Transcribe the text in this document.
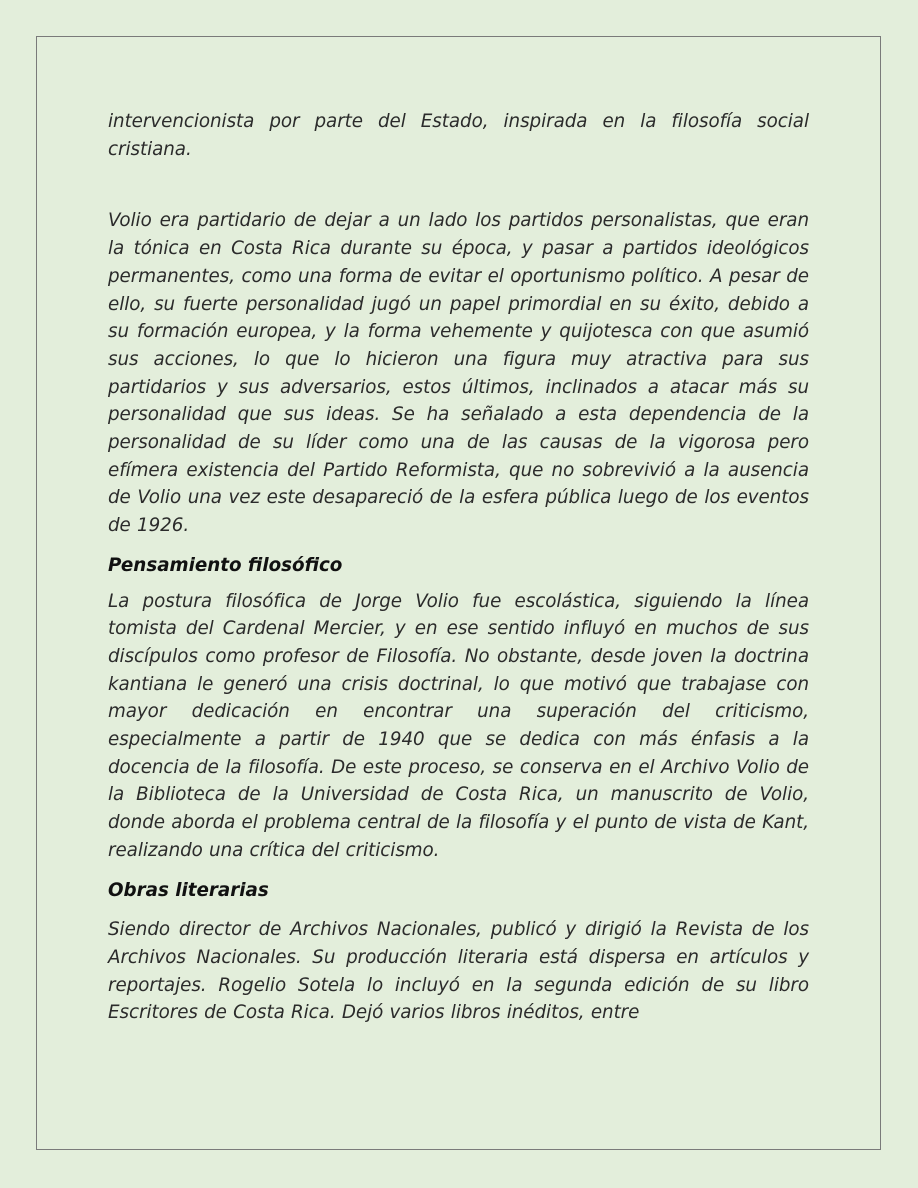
intervencionista por parte del Estado, inspirada en la filosofía social cristiana.

Volio era partidario de dejar a un lado los partidos personalistas, que eran la tónica en Costa Rica durante su época, y pasar a partidos ideológicos permanentes, como una forma de evitar el oportunismo político. A pesar de ello, su fuerte personalidad jugó un papel primordial en su éxito, debido a su formación europea, y la forma vehemente y quijotesca con que asumió sus acciones, lo que lo hicieron una figura muy atractiva para sus partidarios y sus adversarios, estos últimos, inclinados a atacar más su personalidad que sus ideas. Se ha señalado a esta dependencia de la personalidad de su líder como una de las causas de la vigorosa pero efímera existencia del Partido Reformista, que no sobrevivió a la ausencia de Volio una vez este desapareció de la esfera pública luego de los eventos de 1926.

Pensamiento filosófico

La postura filosófica de Jorge Volio fue escolástica, siguiendo la línea tomista del Cardenal Mercier, y en ese sentido influyó en muchos de sus discípulos como profesor de Filosofía. No obstante, desde joven la doctrina kantiana le generó una crisis doctrinal, lo que motivó que trabajase con mayor dedicación en encontrar una superación del criticismo, especialmente a partir de 1940 que se dedica con más énfasis a la docencia de la filosofía. De este proceso, se conserva en el Archivo Volio de la Biblioteca de la Universidad de Costa Rica, un manuscrito de Volio, donde aborda el problema central de la filosofía y el punto de vista de Kant, realizando una crítica del criticismo.

Obras literarias

Siendo director de Archivos Nacionales, publicó y dirigió la Revista de los Archivos Nacionales. Su producción literaria está dispersa en artículos y reportajes. Rogelio Sotela lo incluyó en la segunda edición de su libro Escritores de Costa Rica. Dejó varios libros inéditos, entre
